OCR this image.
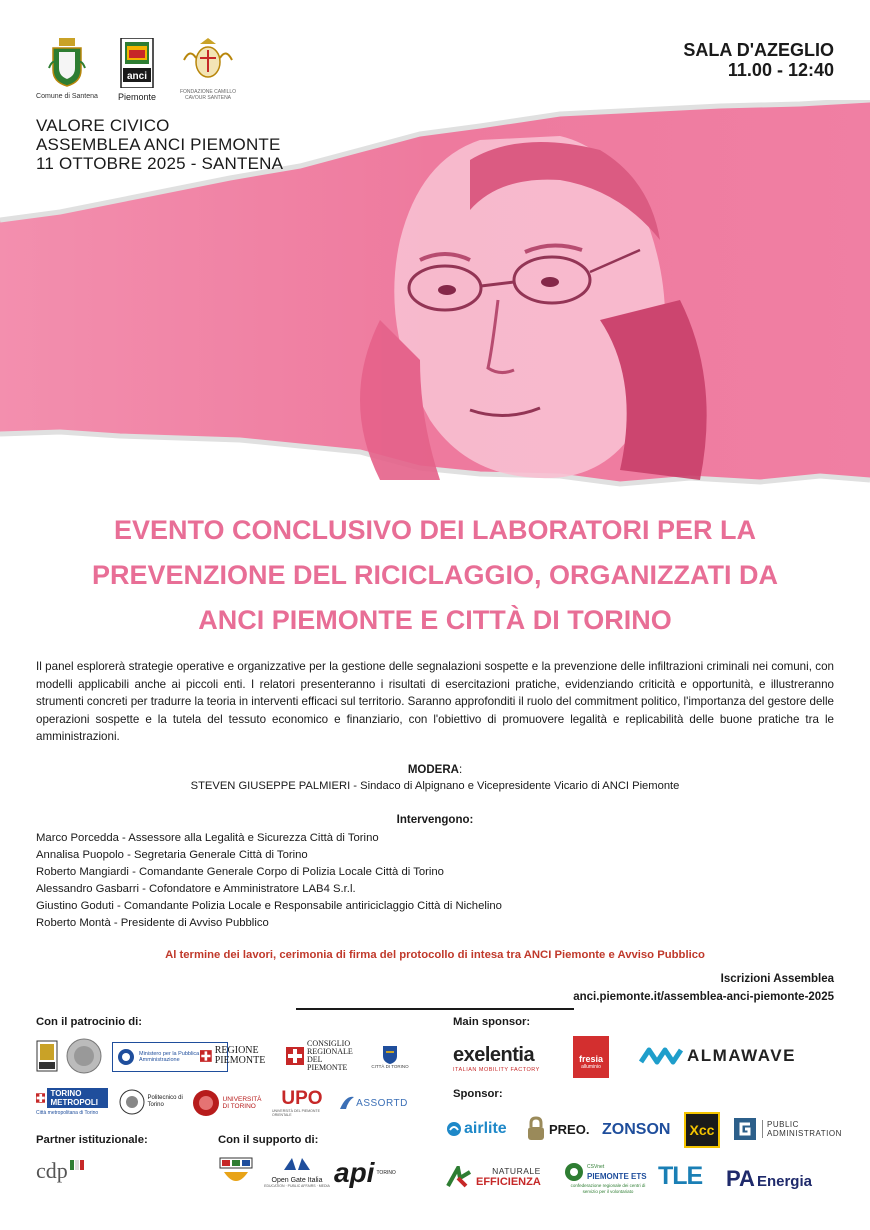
Comune di Santena
anci
Piemonte	FONDAZIONE CAMILLO CAVOUR SANTENA
SALA D'AZEGLIO
11.00 - 12:40
VALORE CIVICO
ASSEMBLEA ANCI PIEMONTE
11 OTTOBRE 2025 - SANTENA
EVENTO CONCLUSIVO DEI LABORATORI PER LA
PREVENZIONE DEL RICICLAGGIO, ORGANIZZATI DA
ANCI PIEMONTE E CITTÀ DI TORINO
Il panel esplorerà strategie operative e organizzative per la gestione delle segnalazioni sospette e la prevenzione delle infiltrazioni criminali nei comuni, con modelli applicabili anche ai piccoli enti. I relatori presenteranno i risultati di esercitazioni pratiche, evidenziando criticità e opportunità, e illustreranno strumenti concreti per tradurre la teoria in interventi efficaci sul territorio. Saranno approfonditi il ruolo del commitment politico, l'importanza del gestore delle operazioni sospette e la tutela del tessuto economico e finanziario, con l'obiettivo di promuovere legalità e replicabilità delle buone pratiche tra le amministrazioni.
MODERA:
STEVEN GIUSEPPE PALMIERI - Sindaco di Alpignano e Vicepresidente Vicario di ANCI Piemonte
Intervengono:
Marco Porcedda - Assessore alla Legalità e Sicurezza Città di Torino
Annalisa Puopolo - Segretaria Generale Città di Torino
Roberto Mangiardi - Comandante Generale Corpo di Polizia Locale Città di Torino
Alessandro Gasbarri - Cofondatore e Amministratore LAB4 S.r.l.
Giustino Goduti - Comandante Polizia Locale e Responsabile antiriciclaggio Città di Nichelino
Roberto Montà - Presidente di Avviso Pubblico
Al termine dei lavori, cerimonia di firma del protocollo di intesa tra ANCI Piemonte e Avviso Pubblico
Iscrizioni Assemblea
anci.piemonte.it/assemblea-anci-piemonte-2025
Con il patrocinio di:
Ministero per la Pubblica Amministrazione
REGIONE PIEMONTE
CONSIGLIO REGIONALE DEL PIEMONTE	CITTÀ DI TORINO
TORINO METROPOLI
Città metropolitana di Torino
Politecnico di Torino
UNIVERSITÀ DI TORINO	UPO
UNIVERSITÀ DEL PIEMONTE ORIENTALE
ASSORTD
Partner istituzionale:
cdp
Con il supporto di:
Open Gate Italia
EDUCATION · PUBLIC AFFAIRS · MEDIA api TORINO
Main sponsor:
exelentia
ITALIAN MOBILITY FACTORY
fresia
alluminio
ALMAWAVE
Sponsor:
airlite	PREO. ZONSON	Xcc	PUBLIC
ADMINISTRATION
NATURALE
EFFICIENZA
CSVnet
PIEMONTE ETS
confederazione regionale dei centri di servizio per il volontariato
TLE PA Energia
